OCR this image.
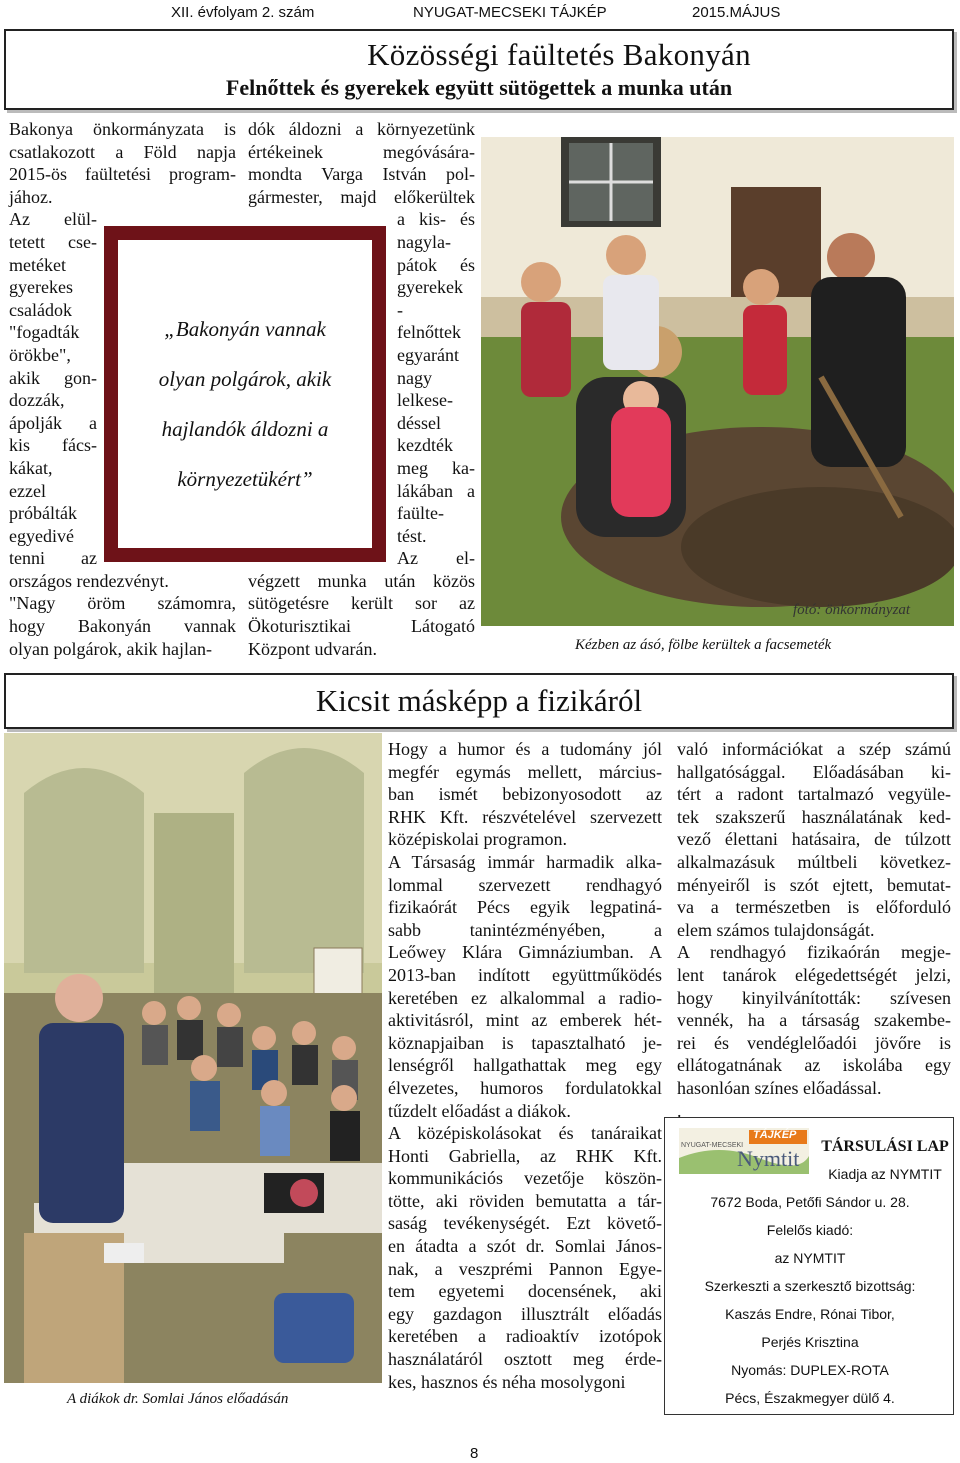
XII. évfolyam 2. szám	NYUGAT-MECSEKI TÁJKÉP	2015.MÁJUS
Közösségi faültetés Bakonyán
Felnőttek és gyerekek együtt sütögettek a munka után
Bakonya önkormányzata is
csatlakozott a Föld napja
2015-ös faültetési program-
jához.
Az elül-
tetett cse-
metéket
gyerekes
családok
"fogadták
örökbe",
akik gon-
dozzák,
ápolják a
kis fács-
kákat,
ezzel
próbálták
egyedivé
tenni az
országos rendezvényt.
"Nagy öröm számomra,
hogy Bakonyán vannak
olyan polgárok, akik hajlan-
dók áldozni a környezetünk
értékeinek megóvására-
mondta Varga István pol-
gármester, majd előkerültek
a kis- és
nagyla-
pátok és
gyerekek
-
felnőttek
egyaránt
nagy
lelkese-
déssel
kezdték
meg ka-
lákában a
faülte-
tést.
Az el-
végzett munka után közös
sütögetésre került sor az
Ökoturisztikai Látogató
Központ udvarán.
„Bakonyán vannak
olyan polgárok, akik
hajlandók áldozni a
környezetükért”
fotó: önkormányzat
Kézben az ásó, fölbe kerültek a facsemeték
Kicsit másképp a fizikáról
A diákok dr. Somlai János előadásán
Hogy a humor és a tudomány jól
megfér egymás mellett, március-
ban ismét bebizonyosodott az
RHK Kft. részvételével szervezett
középiskolai programon.
A Társaság immár harmadik alka-
lommal szervezett rendhagyó
fizikaórát Pécs egyik legpatiná-
sabb tanintézményében, a
Leőwey Klára Gimnáziumban. A
2013-ban indított együttműködés
keretében ez alkalommal a radio-
aktivitásról, mint az emberek hét-
köznapjaiban is tapasztalható je-
lenségről hallgathattak meg egy
élvezetes, humoros fordulatokkal
tűzdelt előadást a diákok.
A középiskolásokat és tanáraikat
Honti Gabriella, az RHK Kft.
kommunikációs vezetője köszön-
tötte, aki röviden bemutatta a tár-
saság tevékenységét. Ezt követő-
en átadta a szót dr. Somlai János-
nak, a veszprémi Pannon Egye-
tem egyetemi docensének, aki
egy gazdagon illusztrált előadás
keretében a radioaktív izotópok
használatáról osztott meg érde-
kes, hasznos és néha mosolygoni
való információkat a szép számú
hallgatósággal. Előadásában ki-
tért a radont tartalmazó vegyüle-
tek szakszerű használatának ked-
vező élettani hatásaira, de túlzott
alkalmazásuk múltbeli következ-
ményeiről is szót ejtett, bemutat-
va a természetben is előforduló
elem számos tulajdonságát.
A rendhagyó fizikaórán megje-
lent tanárok elégedettségét jelzi,
hogy kinyilvánították: szívesen
vennék, ha a társaság szakembe-
rei és vendéglelőadói jövőre is
ellátogatnának az iskolába egy
hasonlóan színes előadással.
.
TÁJKÉP
NYUGAT-MECSEKI
Nymtit	TÁRSULÁSI LAP
Kiadja az NYMTIT
7672 Boda, Petőfi Sándor u. 28.
Felelős kiadó:
az NYMTIT
Szerkeszti a szerkesztő bizottság:
Kaszás Endre, Rónai Tibor,
Perjés Krisztina
Nyomás: DUPLEX-ROTA
Pécs, Északmegyer dülő 4.
8
